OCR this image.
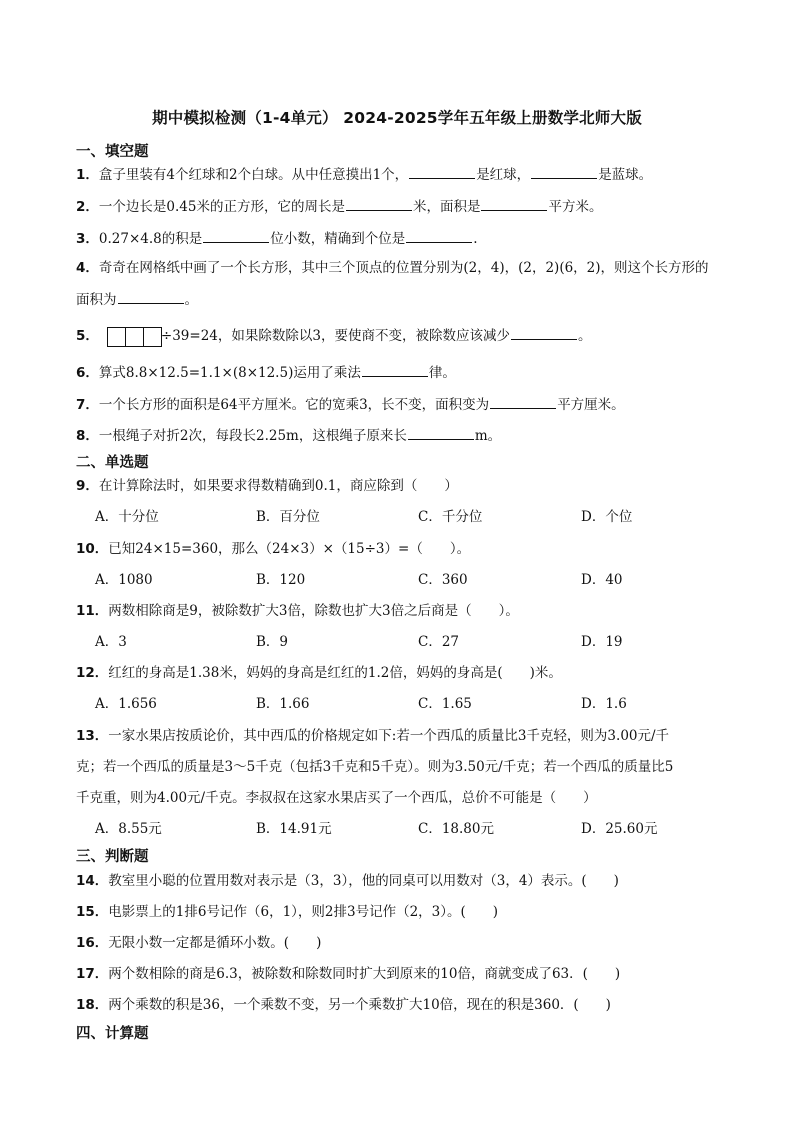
期中模拟检测（1-4单元） 2024-2025学年五年级上册数学北师大版
一、填空题
1．盒子里装有4个红球和2个白球。从中任意摸出1个，	是红球，	是蓝球。
2．一个边长是0.45米的正方形，它的周长是	米，面积是	平方米。
3．0.27×4.8的积是	位小数，精确到个位是	.
4．奇奇在网格纸中画了一个长方形，其中三个顶点的位置分别为(2，4)，(2，2)(6，2)，则这个长方形的
面积为	。
5．	÷39=24，如果除数除以3，要使商不变，被除数应该减少	。
6．算式8.8×12.5=1.1×(8×12.5)运用了乘法	律。
7．一个长方形的面积是64平方厘米。它的宽乘3，长不变，面积变为	平方厘米。
8．一根绳子对折2次，每段长2.25m，这根绳子原来长	m。
二、单选题
9．在计算除法时，如果要求得数精确到0.1，商应除到（　　）
A．十分位	B．百分位	C．千分位	D．个位
10．已知24×15=360，那么（24×3）×（15÷3）=（　　）。
A．1080	B．120	C．360	D．40
11．两数相除商是9，被除数扩大3倍，除数也扩大3倍之后商是（　　）。
A．3	B．9	C．27	D．19
12．红红的身高是1.38米，妈妈的身高是红红的1.2倍，妈妈的身高是(　　)米。
A．1.656	B．1.66	C．1.65	D．1.6
13．一家水果店按质论价，其中西瓜的价格规定如下:若一个西瓜的质量比3千克轻，则为3.00元/千
克；若一个西瓜的质量是3～5千克（包括3千克和5千克）。则为3.50元/千克；若一个西瓜的质量比5
千克重，则为4.00元/千克。李叔叔在这家水果店买了一个西瓜，总价不可能是（　　）
A．8.55元	B．14.91元	C．18.80元	D．25.60元
三、判断题
14．教室里小聪的位置用数对表示是（3，3），他的同桌可以用数对（3，4）表示。(　　)
15．电影票上的1排6号记作（6，1），则2排3号记作（2，3）。(　　)
16．无限小数一定都是循环小数。(　　)
17．两个数相除的商是6.3，被除数和除数同时扩大到原来的10倍，商就变成了63．(　　)
18．两个乘数的积是36，一个乘数不变，另一个乘数扩大10倍，现在的积是360．(　　)
四、计算题
